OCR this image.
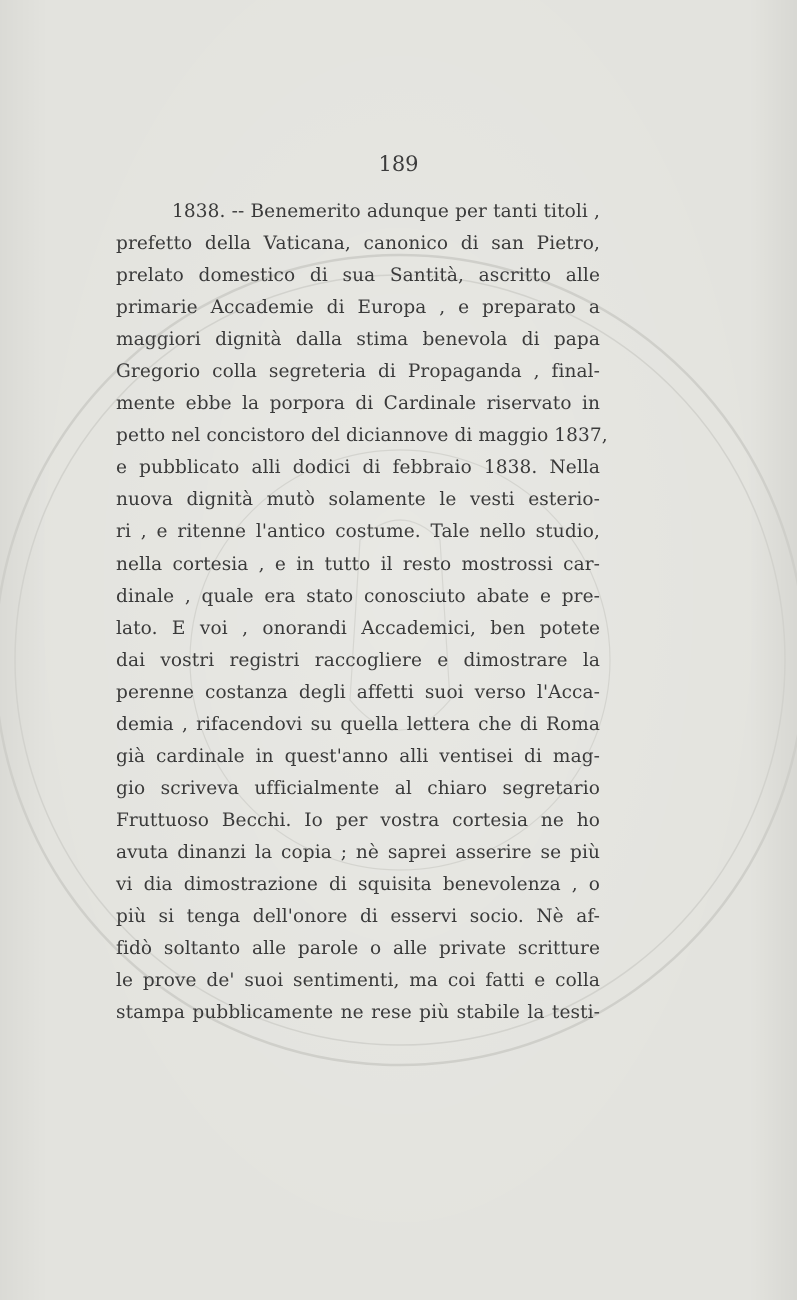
189
1838. -- Benemerito adunque per tanti titoli ,
prefetto della Vaticana, canonico di san Pietro,
prelato domestico di sua Santità, ascritto alle
primarie Accademie di Europa , e preparato a
maggiori dignità dalla stima benevola di papa
Gregorio colla segreteria di Propaganda , final-
mente ebbe la porpora di Cardinale riservato in
petto nel concistoro del diciannove di maggio 1837,
e pubblicato alli dodici di febbraio 1838. Nella
nuova dignità mutò solamente le vesti esterio-
ri , e ritenne l'antico costume. Tale nello studio,
nella cortesia , e in tutto il resto mostrossi car-
dinale , quale era stato conosciuto abate e pre-
lato. E voi , onorandi Accademici, ben potete
dai vostri registri raccogliere e dimostrare la
perenne costanza degli affetti suoi verso l'Acca-
demia , rifacendovi su quella lettera che di Roma
già cardinale in quest'anno alli ventisei di mag-
gio scriveva ufficialmente al chiaro segretario
Fruttuoso Becchi. Io per vostra cortesia ne ho
avuta dinanzi la copia ; nè saprei asserire se più
vi dia dimostrazione di squisita benevolenza , o
più si tenga dell'onore di esservi socio. Nè af-
fidò soltanto alle parole o alle private scritture
le prove de' suoi sentimenti, ma coi fatti e colla
stampa pubblicamente ne rese più stabile la testi-
